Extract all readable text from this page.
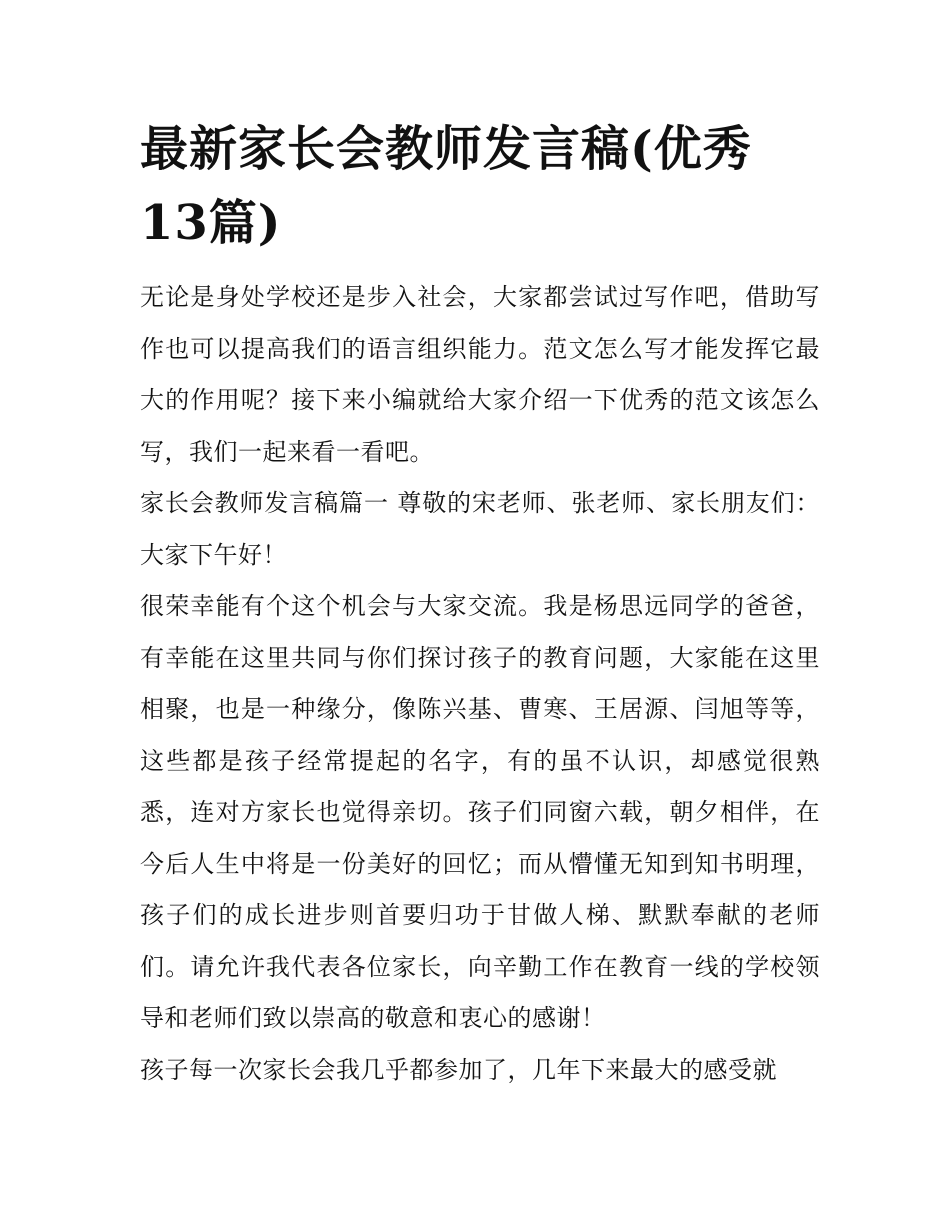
最新家长会教师发言稿(优秀13篇)

无论是身处学校还是步入社会，大家都尝试过写作吧，借助写作也可以提高我们的语言组织能力。范文怎么写才能发挥它最大的作用呢？接下来小编就给大家介绍一下优秀的范文该怎么写，我们一起来看一看吧。

家长会教师发言稿篇一 尊敬的宋老师、张老师、家长朋友们： 大家下午好！

很荣幸能有个这个机会与大家交流。我是杨思远同学的爸爸，有幸能在这里共同与你们探讨孩子的教育问题，大家能在这里相聚，也是一种缘分，像陈兴基、曹寒、王居源、闫旭等等，这些都是孩子经常提起的名字，有的虽不认识，却感觉很熟悉，连对方家长也觉得亲切。孩子们同窗六载，朝夕相伴，在今后人生中将是一份美好的回忆；而从懵懂无知到知书明理，孩子们的成长进步则首要归功于甘做人梯、默默奉献的老师们。请允许我代表各位家长，向辛勤工作在教育一线的学校领导和老师们致以崇高的敬意和衷心的感谢！

孩子每一次家长会我几乎都参加了，几年下来最大的感受就
